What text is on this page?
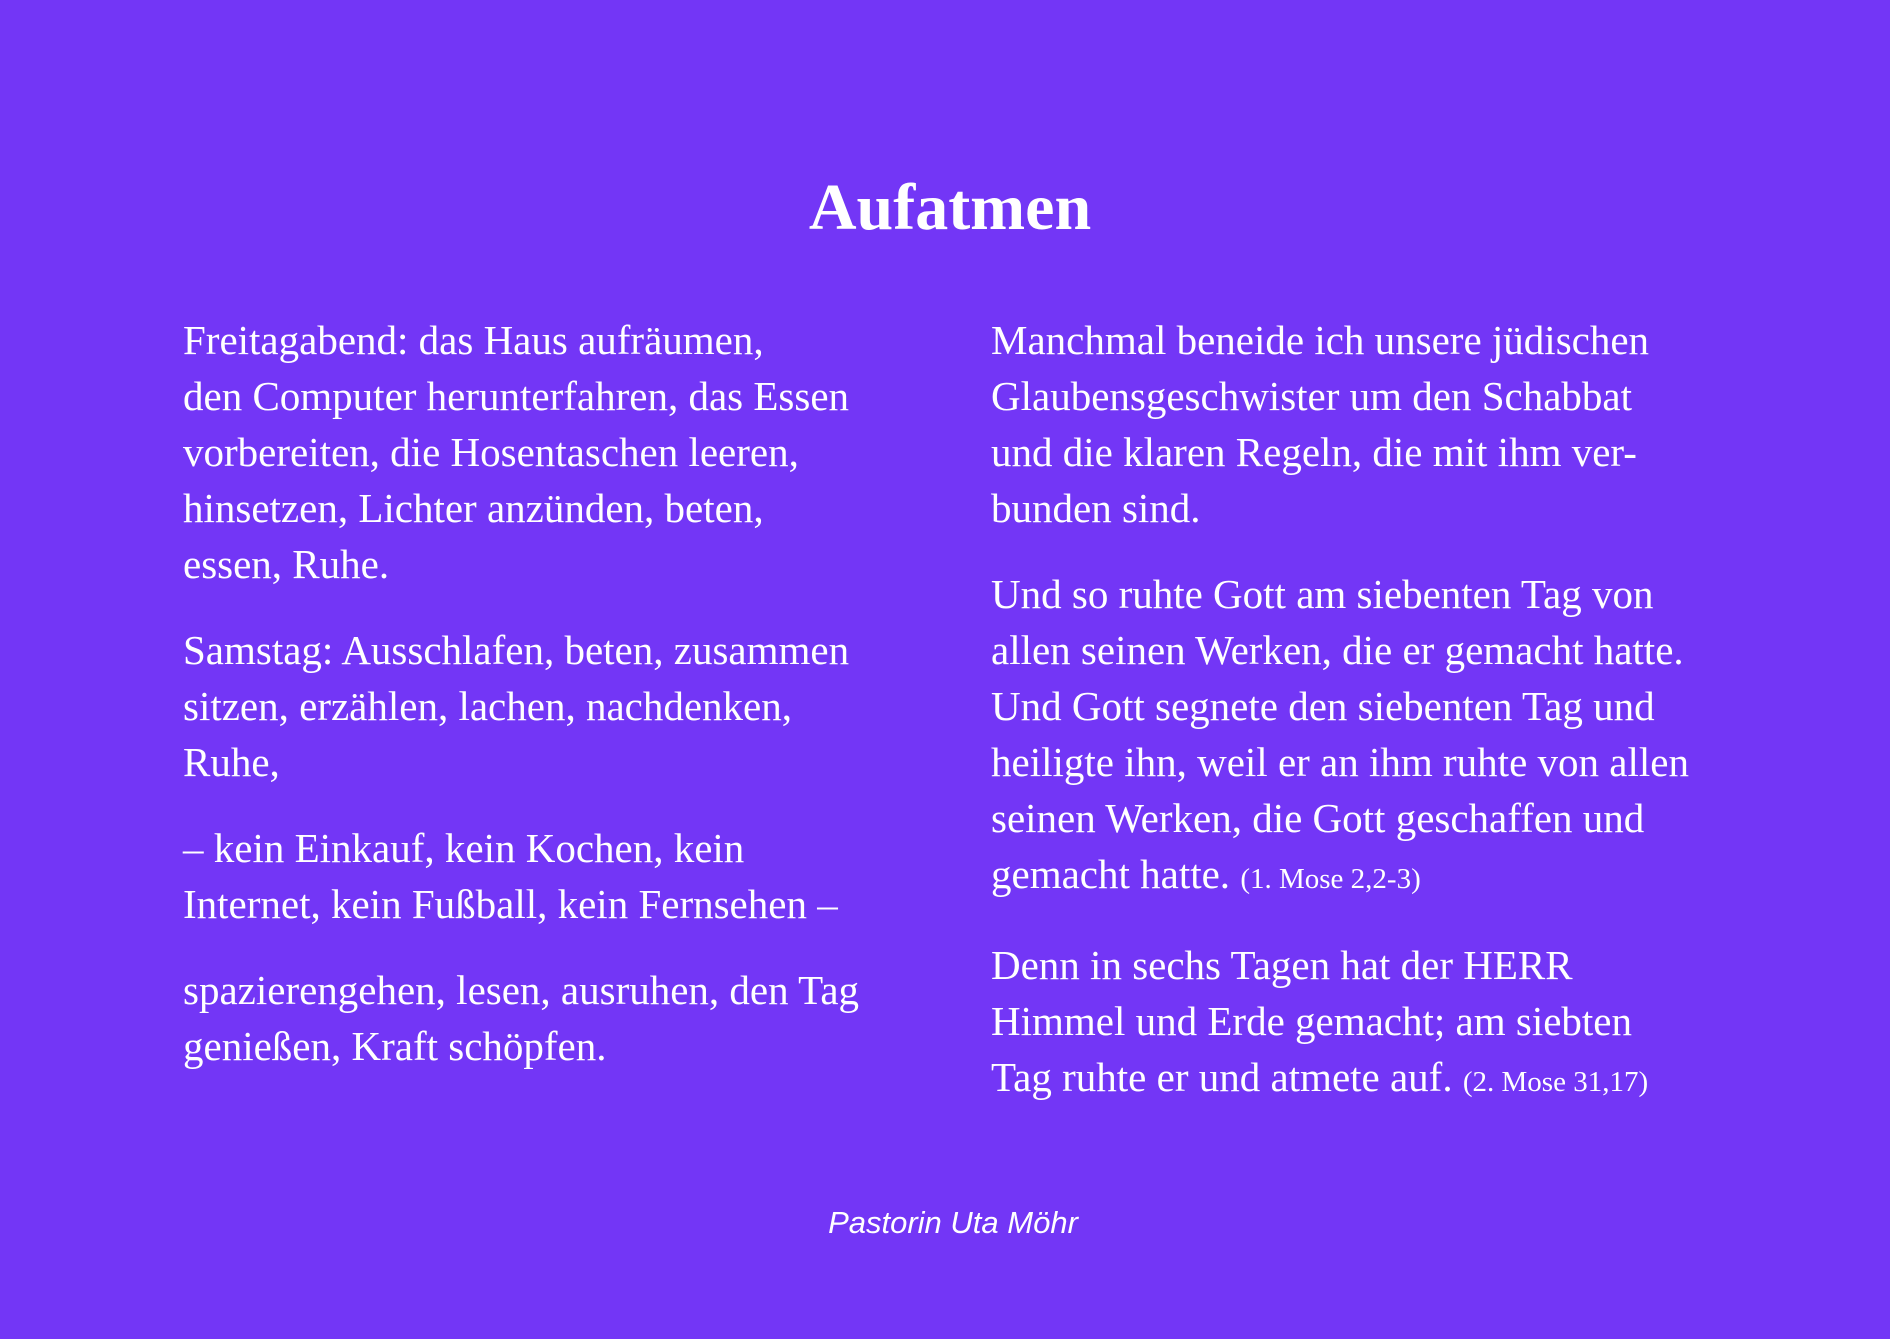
Aufatmen

Freitagabend: das Haus aufräumen,
den Computer herunterfahren, das Essen
vorbereiten, die Hosentaschen leeren,
hinsetzen, Lichter anzünden, beten,
essen, Ruhe.

Samstag: Ausschlafen, beten, zusammen
sitzen, erzählen, lachen, nachdenken,
Ruhe,

– kein Einkauf, kein Kochen, kein
Internet, kein Fußball, kein Fernsehen –

spazierengehen, lesen, ausruhen, den Tag
genießen, Kraft schöpfen.

Manchmal beneide ich unsere jüdischen
Glaubensgeschwister um den Schabbat
und die klaren Regeln, die mit ihm ver-
bunden sind.

Und so ruhte Gott am siebenten Tag von
allen seinen Werken, die er gemacht hatte.
Und Gott segnete den siebenten Tag und
heiligte ihn, weil er an ihm ruhte von allen
seinen Werken, die Gott geschaffen und
gemacht hatte. (1. Mose 2,2-3)

Denn in sechs Tagen hat der HERR
Himmel und Erde gemacht; am siebten
Tag ruhte er und atmete auf. (2. Mose 31,17)

Pastorin Uta Möhr
